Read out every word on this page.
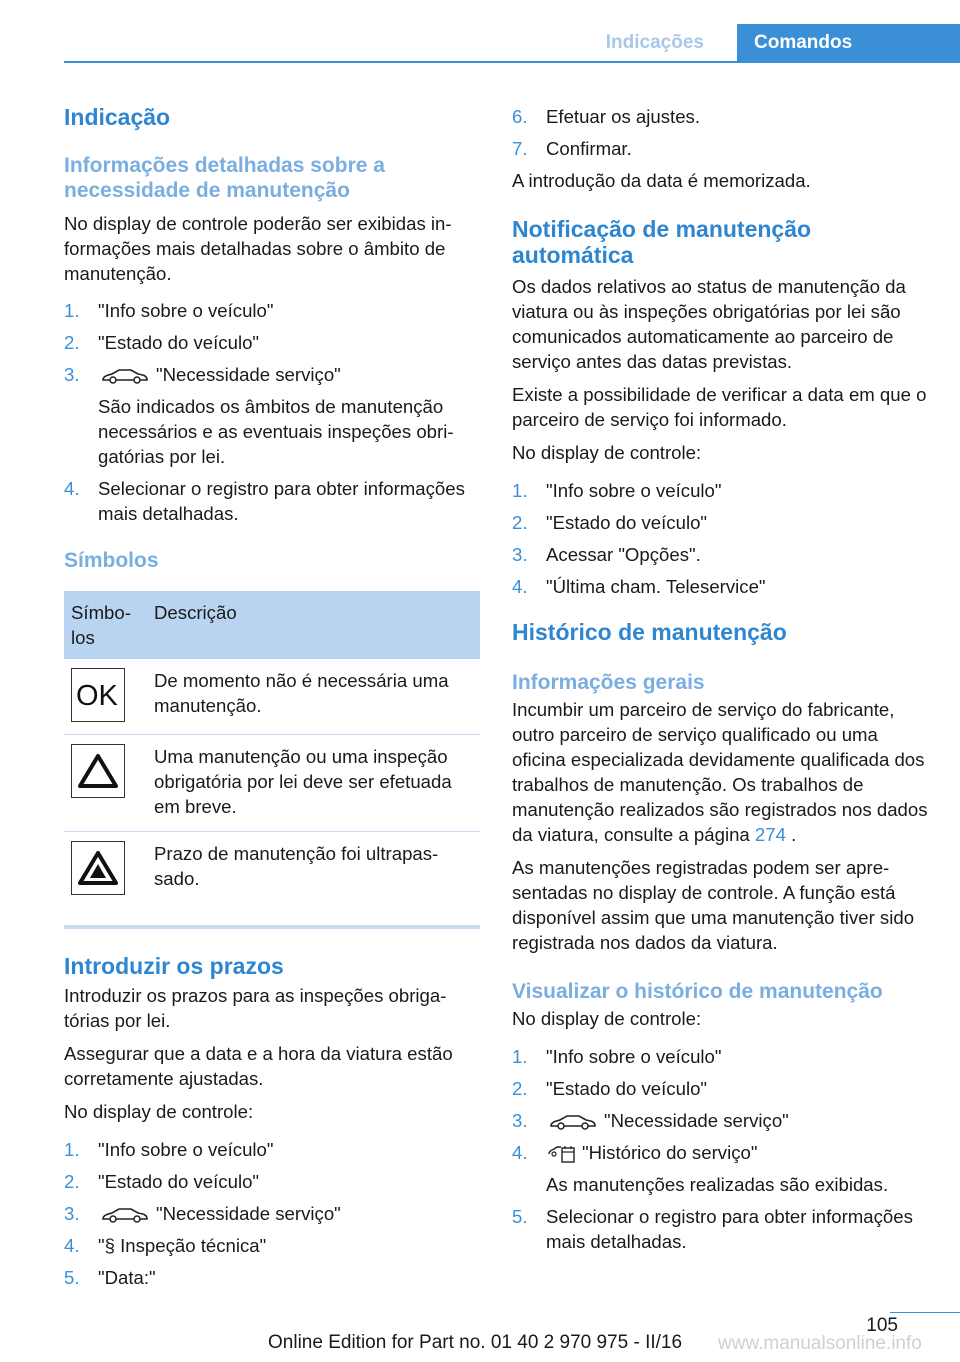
Indicações	Comandos
Indicação
Informações detalhadas sobre a necessidade de manutenção

No display de controle poderão ser exibidas informações mais detalhadas sobre o âmbito de manutenção.

1. "Info sobre o veículo"
2. "Estado do veículo"
3.	"Necessidade serviço"
São indicados os âmbitos de manutenção necessários e as eventuais inspeções obrigatórias por lei.
4. Selecionar o registro para obter informações mais detalhadas.
Símbolos
Símbolos	Descrição

OK	De momento não é necessária uma manutenção.

	Uma manutenção ou uma inspeção obrigatória por lei deve ser efetuada em breve.

	Prazo de manutenção foi ultrapassado.
Introduzir os prazos

Introduzir os prazos para as inspeções obrigatórias por lei.

Assegurar que a data e a hora da viatura estão corretamente ajustadas.

No display de controle:

1. "Info sobre o veículo"
2. "Estado do veículo"
3.	"Necessidade serviço"
4. "§ Inspeção técnica"
5. "Data:"
6. Efetuar os ajustes.
7. Confirmar.

A introdução da data é memorizada.

Notificação de manutenção automática

Os dados relativos ao status de manutenção da viatura ou às inspeções obrigatórias por lei são comunicados automaticamente ao parceiro de serviço antes das datas previstas.

Existe a possibilidade de verificar a data em que o parceiro de serviço foi informado.

No display de controle:

1. "Info sobre o veículo"
2. "Estado do veículo"
3. Acessar "Opções".
4. "Última cham. Teleservice"
Histórico de manutenção
Informações gerais

Incumbir um parceiro de serviço do fabricante, outro parceiro de serviço qualificado ou uma oficina especializada devidamente qualificada dos trabalhos de manutenção. Os trabalhos de manutenção realizados são registrados nos dados da viatura, consulte a página 274 .

As manutenções registradas podem ser apresentadas no display de controle. A função está disponível assim que uma manutenção tiver sido registrada nos dados da viatura.

Visualizar o histórico de manutenção

No display de controle:

1. "Info sobre o veículo"
2. "Estado do veículo"
3.	"Necessidade serviço"
4.	"Histórico do serviço"
As manutenções realizadas são exibidas.
5. Selecionar o registro para obter informações mais detalhadas.
105
Online Edition for Part no. 01 40 2 970 975 - II/16 www.manualsonline.info
